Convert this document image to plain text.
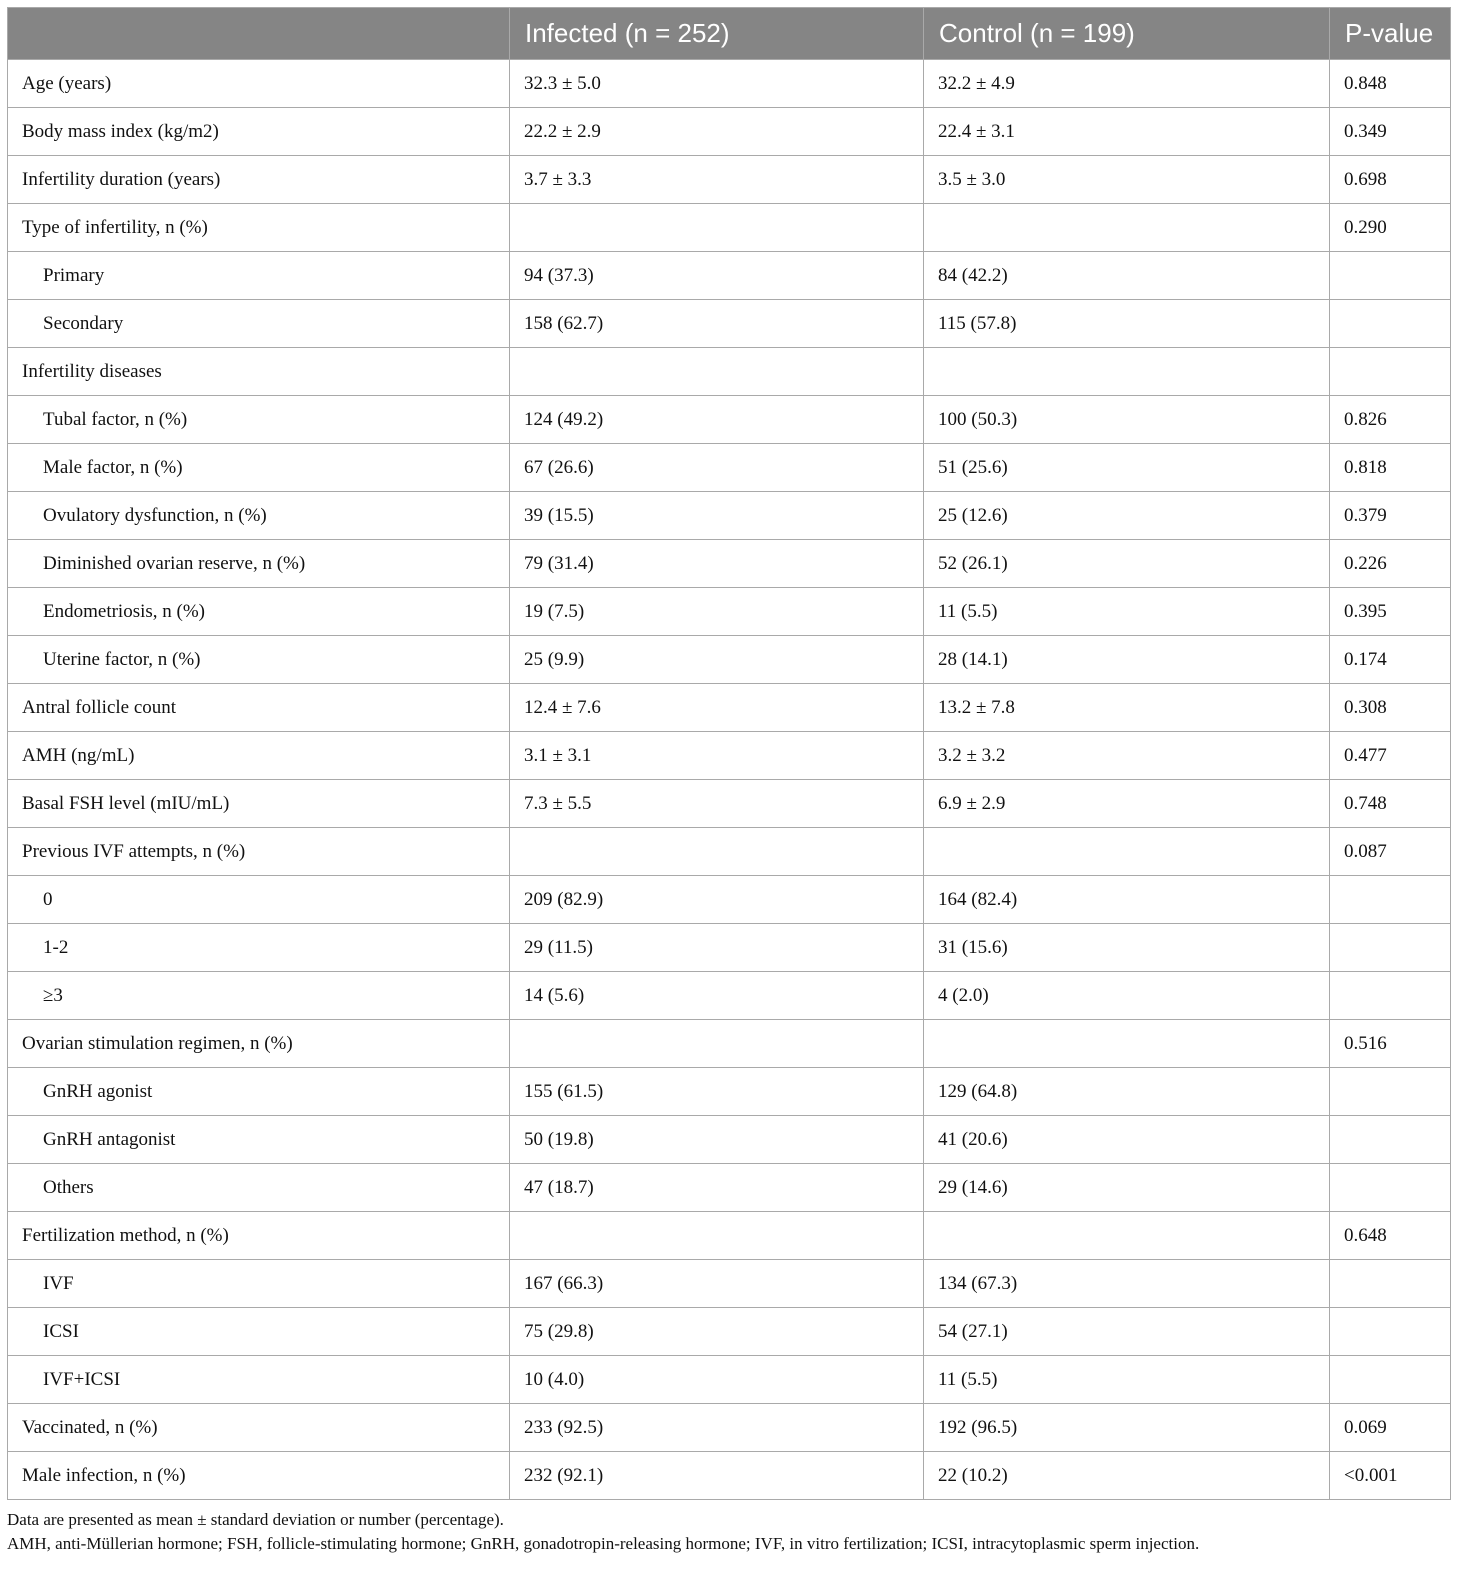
	Infected (n = 252)	Control (n = 199)	P-value
Age (years)	32.3 ± 5.0	32.2 ± 4.9	0.848
Body mass index (kg/m2)	22.2 ± 2.9	22.4 ± 3.1	0.349
Infertility duration (years)	3.7 ± 3.3	3.5 ± 3.0	0.698
Type of infertility, n (%)			0.290
Primary	94 (37.3)	84 (42.2)	
Secondary	158 (62.7)	115 (57.8)	
Infertility diseases			
Tubal factor, n (%)	124 (49.2)	100 (50.3)	0.826
Male factor, n (%)	67 (26.6)	51 (25.6)	0.818
Ovulatory dysfunction, n (%)	39 (15.5)	25 (12.6)	0.379
Diminished ovarian reserve, n (%)	79 (31.4)	52 (26.1)	0.226
Endometriosis, n (%)	19 (7.5)	11 (5.5)	0.395
Uterine factor, n (%)	25 (9.9)	28 (14.1)	0.174
Antral follicle count	12.4 ± 7.6	13.2 ± 7.8	0.308
AMH (ng/mL)	3.1 ± 3.1	3.2 ± 3.2	0.477
Basal FSH level (mIU/mL)	7.3 ± 5.5	6.9 ± 2.9	0.748
Previous IVF attempts, n (%)			0.087
0	209 (82.9)	164 (82.4)	
1-2	29 (11.5)	31 (15.6)	
≥3	14 (5.6)	4 (2.0)	
Ovarian stimulation regimen, n (%)			0.516
GnRH agonist	155 (61.5)	129 (64.8)	
GnRH antagonist	50 (19.8)	41 (20.6)	
Others	47 (18.7)	29 (14.6)	
Fertilization method, n (%)			0.648
IVF	167 (66.3)	134 (67.3)	
ICSI	75 (29.8)	54 (27.1)	
IVF+ICSI	10 (4.0)	11 (5.5)	
Vaccinated, n (%)	233 (92.5)	192 (96.5)	0.069
Male infection, n (%)	232 (92.1)	22 (10.2)	<0.001
Data are presented as mean ± standard deviation or number (percentage).
AMH, anti-Müllerian hormone; FSH, follicle-stimulating hormone; GnRH, gonadotropin-releasing hormone; IVF, in vitro fertilization; ICSI, intracytoplasmic sperm injection.
